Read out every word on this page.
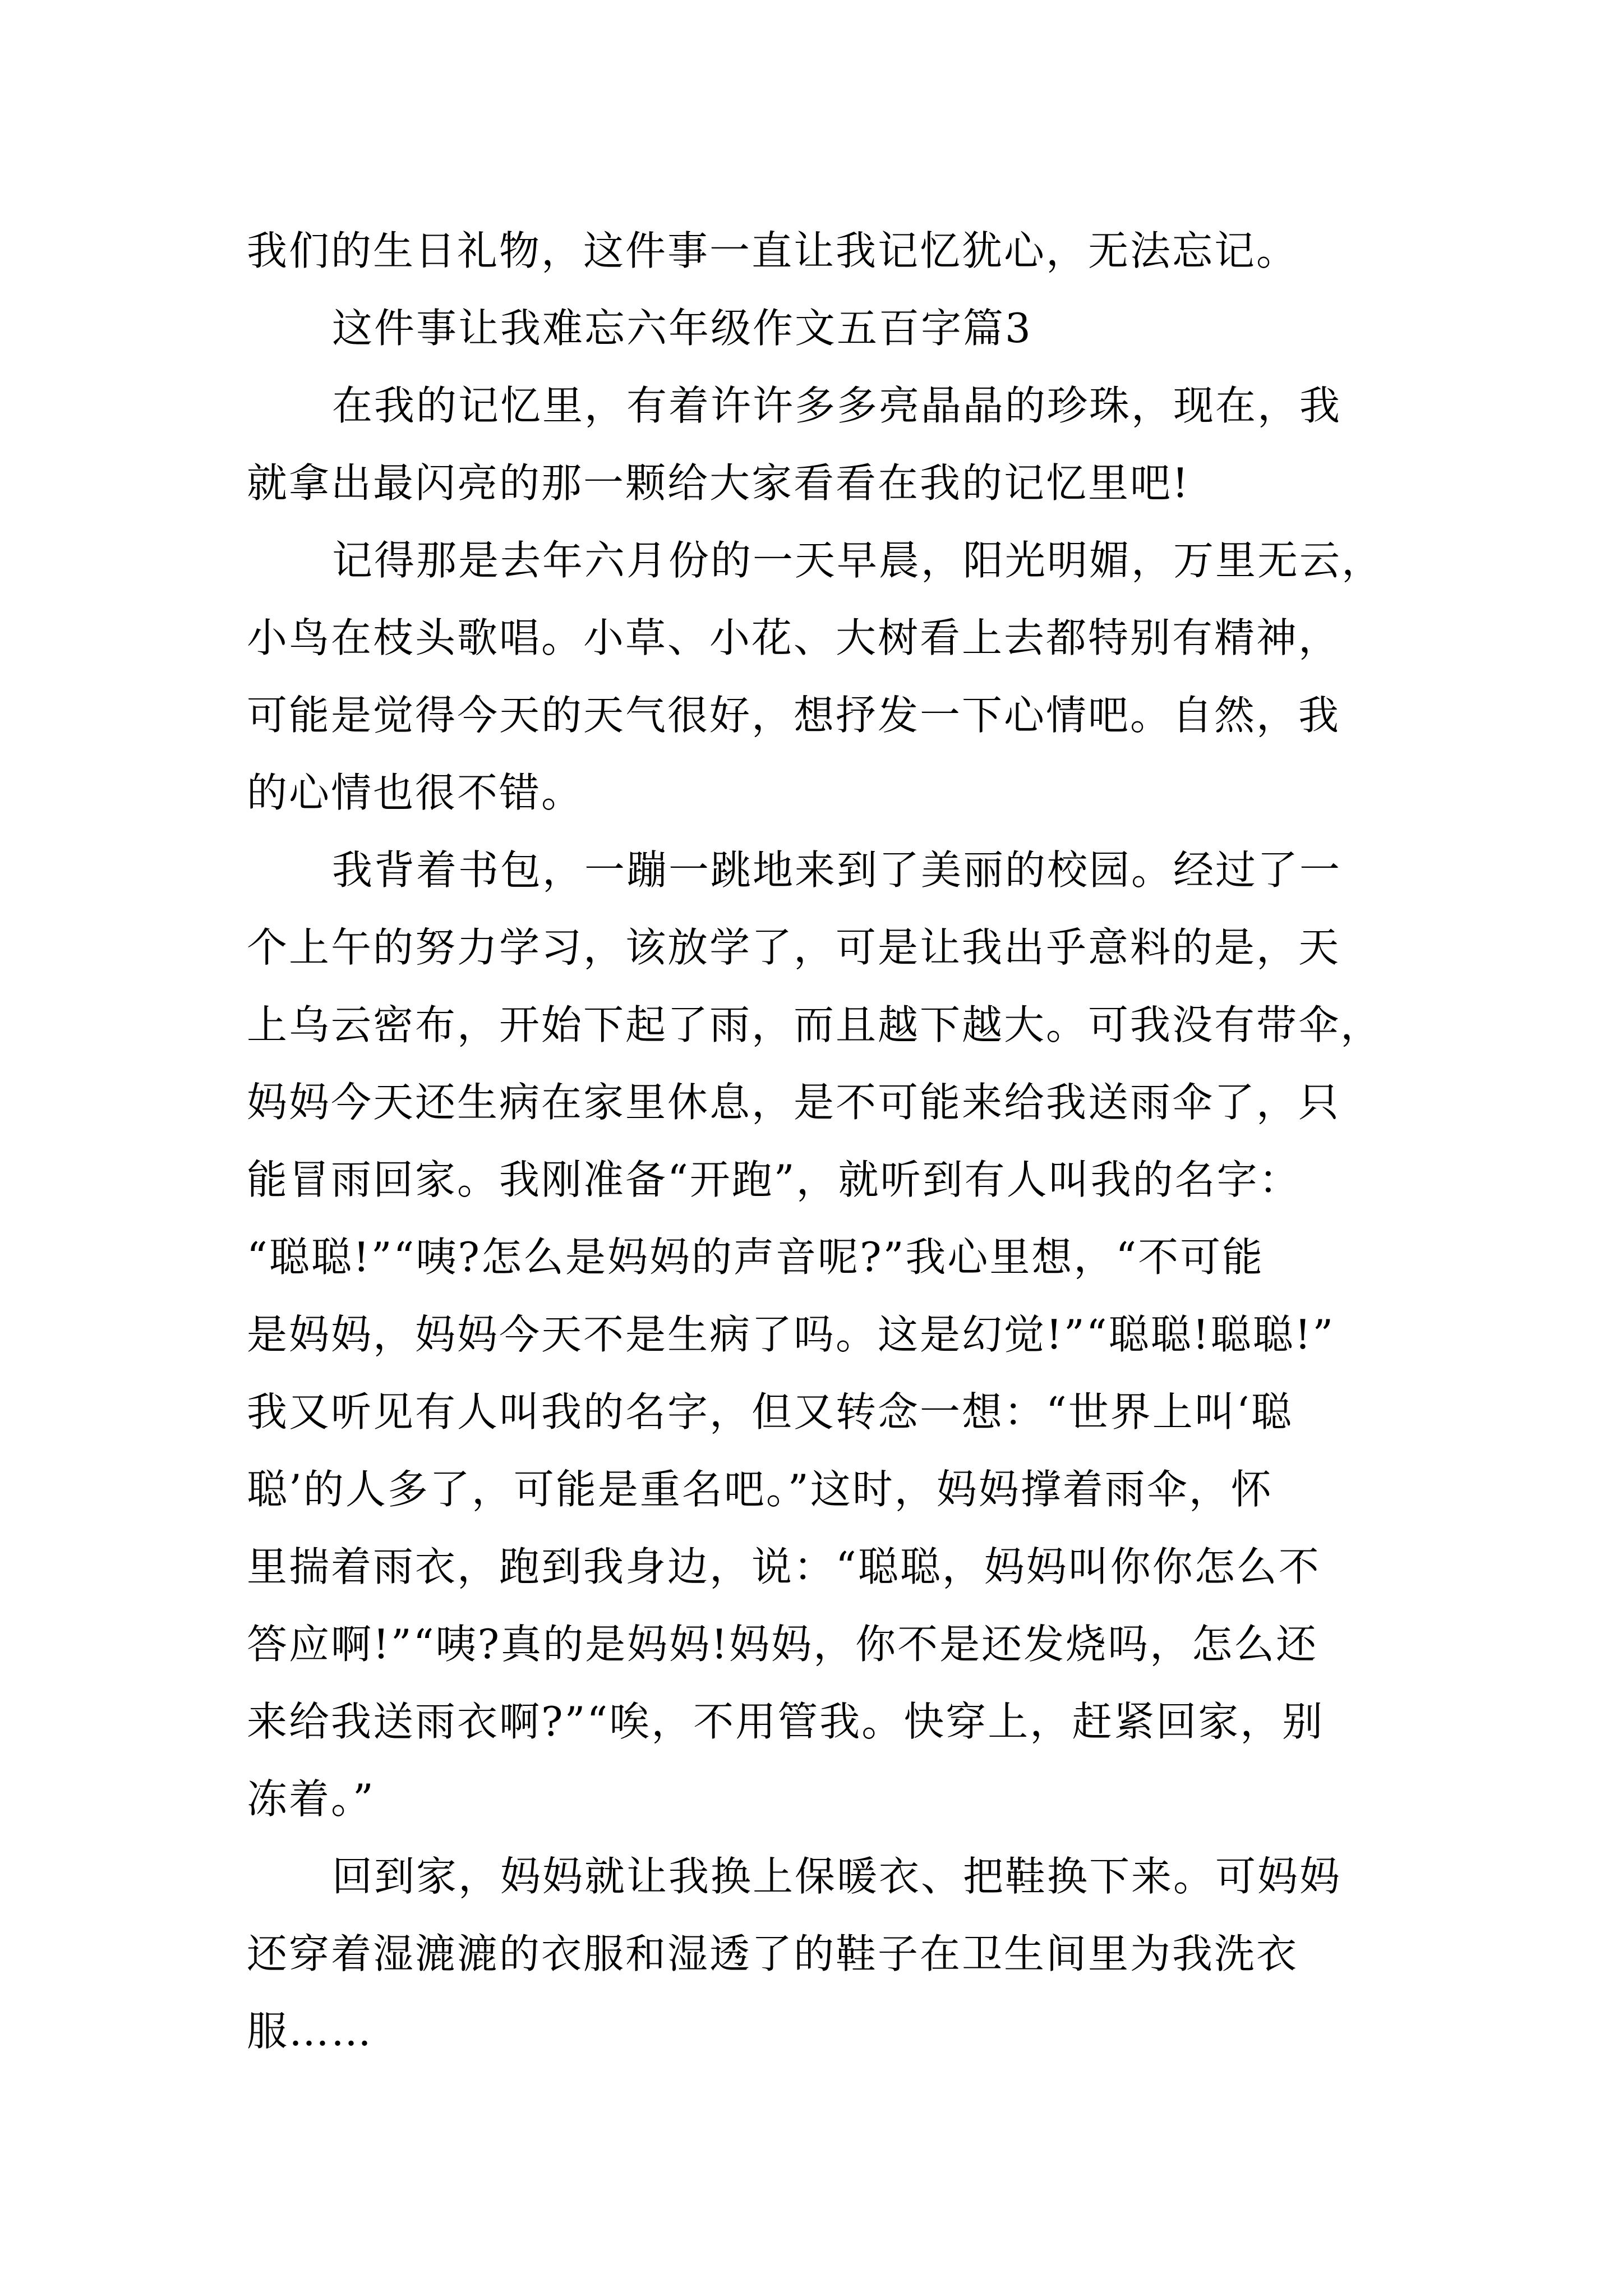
我们的生日礼物，这件事一直让我记忆犹心，无法忘记。
这件事让我难忘六年级作文五百字篇3
在我的记忆里，有着许许多多亮晶晶的珍珠，现在，我
就拿出最闪亮的那一颗给大家看看在我的记忆里吧!
记得那是去年六月份的一天早晨，阳光明媚，万里无云，
小鸟在枝头歌唱。小草、小花、大树看上去都特别有精神，
可能是觉得今天的天气很好，想抒发一下心情吧。自然，我
的心情也很不错。
我背着书包，一蹦一跳地来到了美丽的校园。经过了一
个上午的努力学习，该放学了，可是让我出乎意料的是，天
上乌云密布，开始下起了雨，而且越下越大。可我没有带伞，
妈妈今天还生病在家里休息，是不可能来给我送雨伞了，只
能冒雨回家。我刚准备“开跑”，就听到有人叫我的名字：
“聪聪!”“咦?怎么是妈妈的声音呢?”我心里想，“不可能
是妈妈，妈妈今天不是生病了吗。这是幻觉!”“聪聪!聪聪!”
我又听见有人叫我的名字，但又转念一想：“世界上叫‘聪
聪’的人多了，可能是重名吧。”这时，妈妈撑着雨伞，怀
里揣着雨衣，跑到我身边，说：“聪聪，妈妈叫你你怎么不
答应啊!”“咦?真的是妈妈!妈妈，你不是还发烧吗，怎么还
来给我送雨衣啊?”“唉，不用管我。快穿上，赶紧回家，别
冻着。”
回到家，妈妈就让我换上保暖衣、把鞋换下来。可妈妈
还穿着湿漉漉的衣服和湿透了的鞋子在卫生间里为我洗衣
服……
